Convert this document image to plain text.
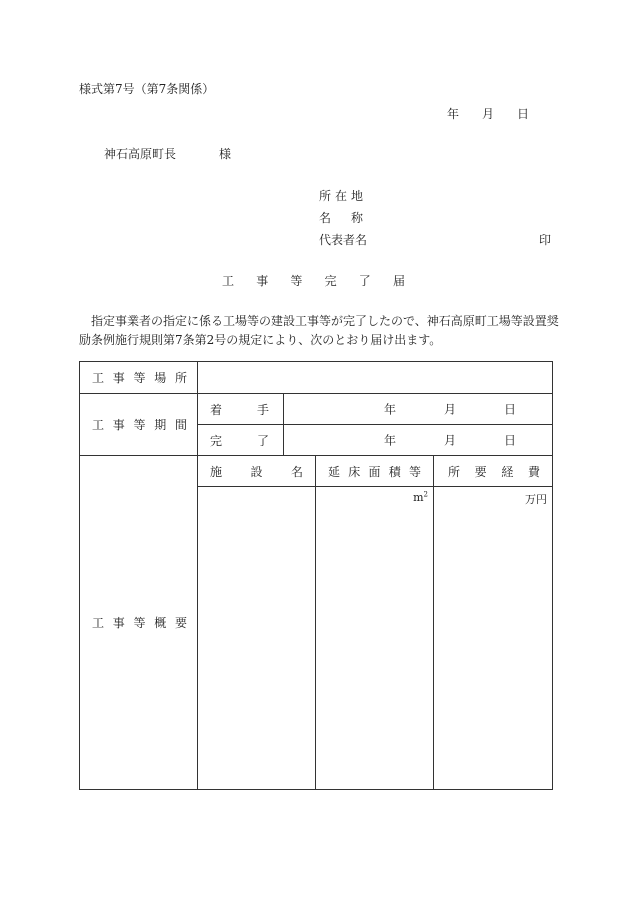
様式第7号（第7条関係）
年 月 日
神石高原町長	様
所 在 地
名 称
代表者名	印
工 事 等 完 了 届
指定事業者の指定に係る工場等の建設工事等が完了したので、神石高原町工場等設置奨
励条例施行規則第7条第2号の規定により、次のとおり届け出ます。
工 事 等 場 所				

工 事 等 期 間	着 手	年 月 日		

	完 了	年 月 日		

工 事 等 概 要	施 設 名		延 床 面 積 等	所 要 経 費

			$m^2$	万円
